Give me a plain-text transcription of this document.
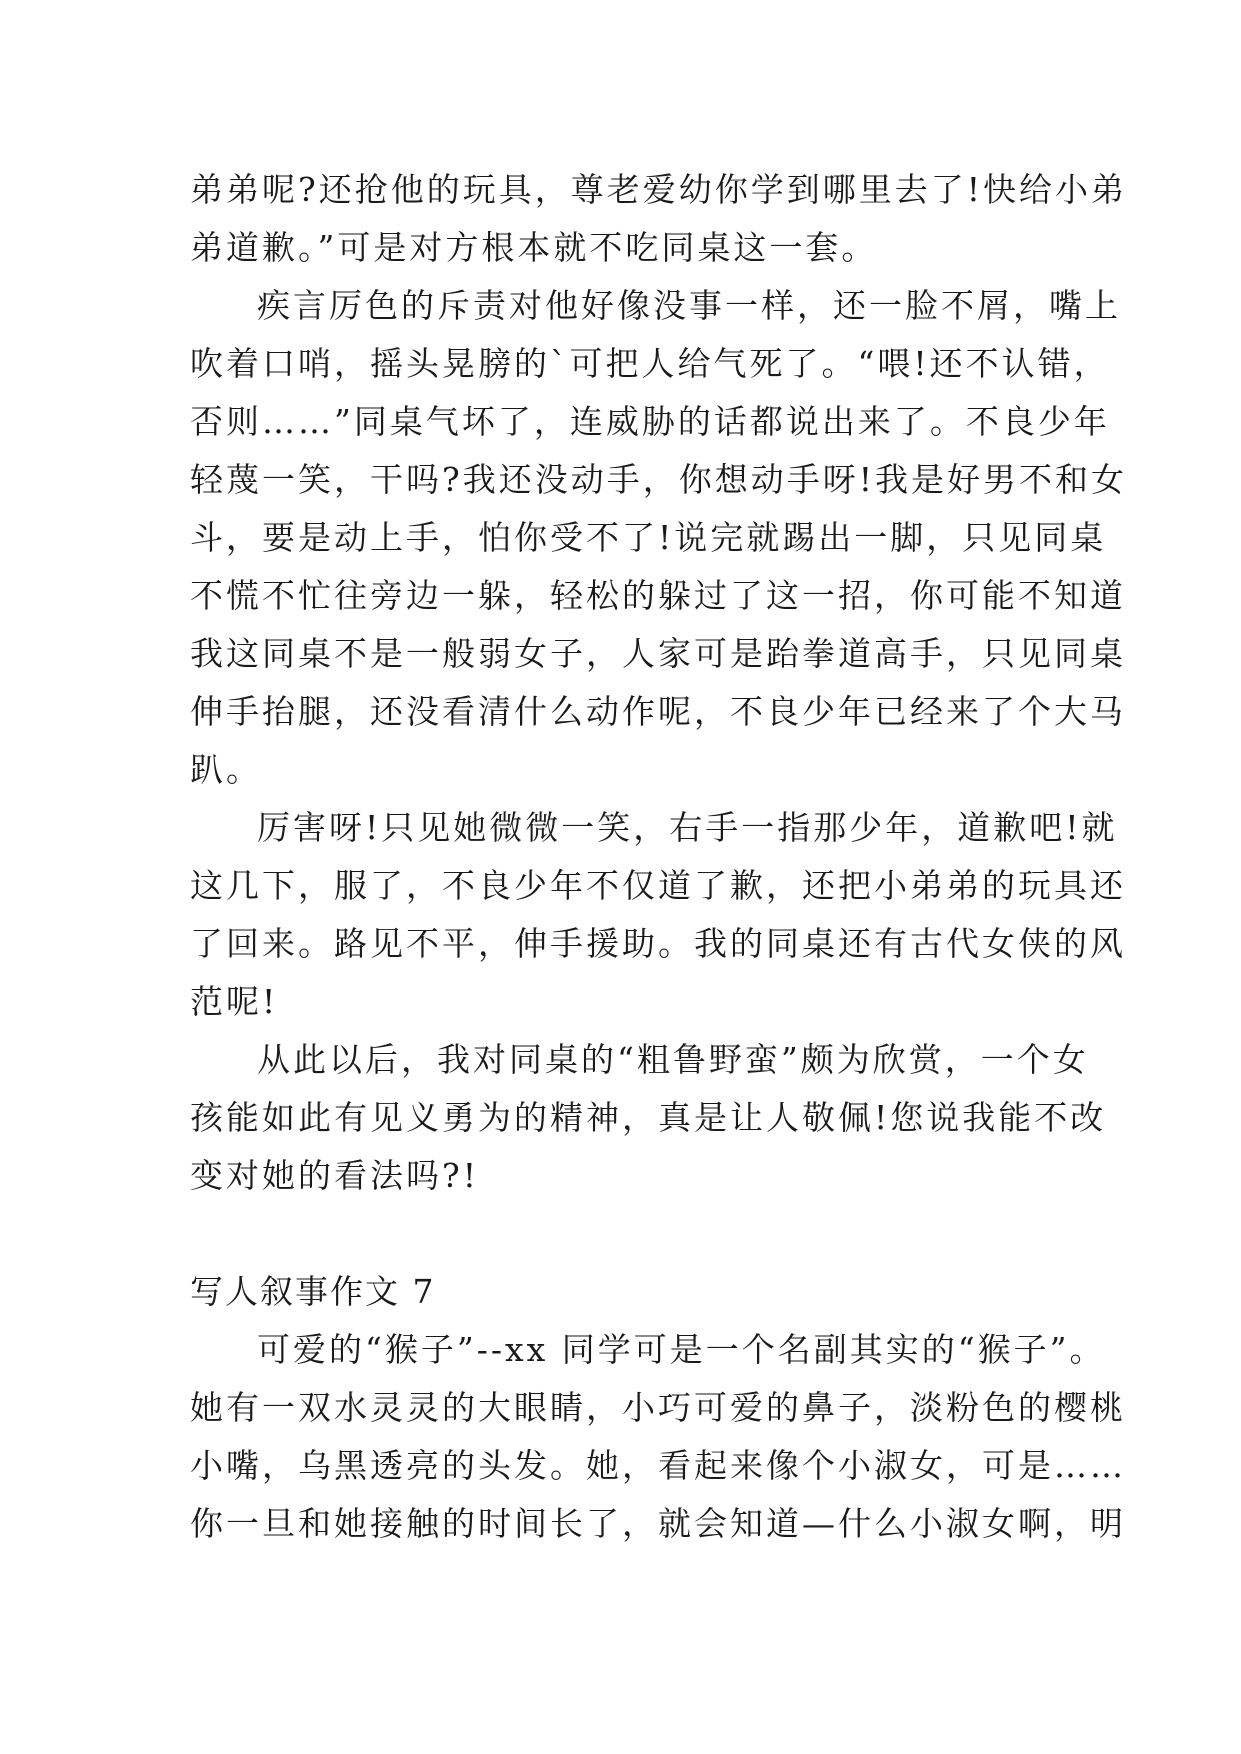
弟弟呢?还抢他的玩具，尊老爱幼你学到哪里去了!快给小弟
弟道歉。”可是对方根本就不吃同桌这一套。
疾言厉色的斥责对他好像没事一样，还一脸不屑，嘴上
吹着口哨，摇头晃膀的`可把人给气死了。“喂!还不认错，
否则……”同桌气坏了，连威胁的话都说出来了。不良少年
轻蔑一笑，干吗?我还没动手，你想动手呀!我是好男不和女
斗，要是动上手，怕你受不了!说完就踢出一脚，只见同桌
不慌不忙往旁边一躲，轻松的躲过了这一招，你可能不知道
我这同桌不是一般弱女子，人家可是跆拳道高手，只见同桌
伸手抬腿，还没看清什么动作呢，不良少年已经来了个大马
趴。
厉害呀!只见她微微一笑，右手一指那少年，道歉吧!就
这几下，服了，不良少年不仅道了歉，还把小弟弟的玩具还
了回来。路见不平，伸手援助。我的同桌还有古代女侠的风
范呢!
从此以后，我对同桌的“粗鲁野蛮”颇为欣赏，一个女
孩能如此有见义勇为的精神，真是让人敬佩!您说我能不改
变对她的看法吗?!
写人叙事作文 7
可爱的“猴子”--xx 同学可是一个名副其实的“猴子”。
她有一双水灵灵的大眼睛，小巧可爱的鼻子，淡粉色的樱桃
小嘴，乌黑透亮的头发。她，看起来像个小淑女，可是……
你一旦和她接触的时间长了，就会知道—什么小淑女啊，明
